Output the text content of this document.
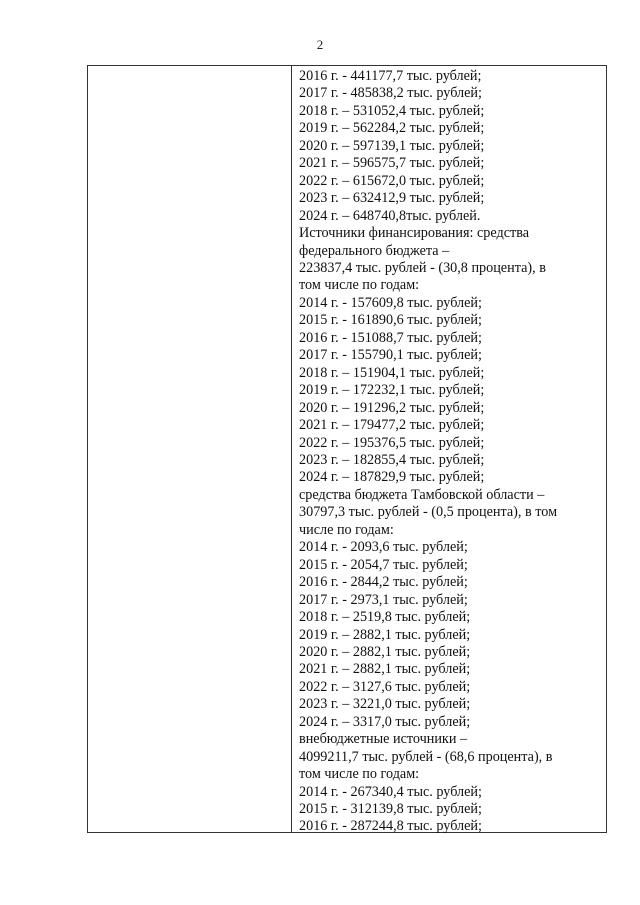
2
2016 г. - 441177,7 тыс. рублей;
2017 г. - 485838,2 тыс. рублей;
2018 г. – 531052,4 тыс. рублей;
2019 г. – 562284,2 тыс. рублей;
2020 г. – 597139,1 тыс. рублей;
2021 г. – 596575,7 тыс. рублей;
2022 г. – 615672,0 тыс. рублей;
2023 г. – 632412,9 тыс. рублей;
2024 г. – 648740,8тыс. рублей.
Источники финансирования: средства
федерального бюджета –
223837,4 тыс. рублей - (30,8 процента), в
том числе по годам:
2014 г. - 157609,8 тыс. рублей;
2015 г. - 161890,6 тыс. рублей;
2016 г. - 151088,7 тыс. рублей;
2017 г. - 155790,1 тыс. рублей;
2018 г. – 151904,1 тыс. рублей;
2019 г. – 172232,1 тыс. рублей;
2020 г. – 191296,2 тыс. рублей;
2021 г. – 179477,2 тыс. рублей;
2022 г. – 195376,5 тыс. рублей;
2023 г. – 182855,4 тыс. рублей;
2024 г. – 187829,9 тыс. рублей;
средства бюджета Тамбовской области –
30797,3 тыс. рублей - (0,5 процента), в том
числе по годам:
2014 г. - 2093,6 тыс. рублей;
2015 г. - 2054,7 тыс. рублей;
2016 г. - 2844,2 тыс. рублей;
2017 г. - 2973,1 тыс. рублей;
2018 г. – 2519,8 тыс. рублей;
2019 г. – 2882,1 тыс. рублей;
2020 г. – 2882,1 тыс. рублей;
2021 г. – 2882,1 тыс. рублей;
2022 г. – 3127,6 тыс. рублей;
2023 г. – 3221,0 тыс. рублей;
2024 г. – 3317,0 тыс. рублей;
внебюджетные источники –
4099211,7 тыс. рублей - (68,6 процента), в
том числе по годам:
2014 г. - 267340,4 тыс. рублей;
2015 г. - 312139,8 тыс. рублей;
2016 г. - 287244,8 тыс. рублей;
